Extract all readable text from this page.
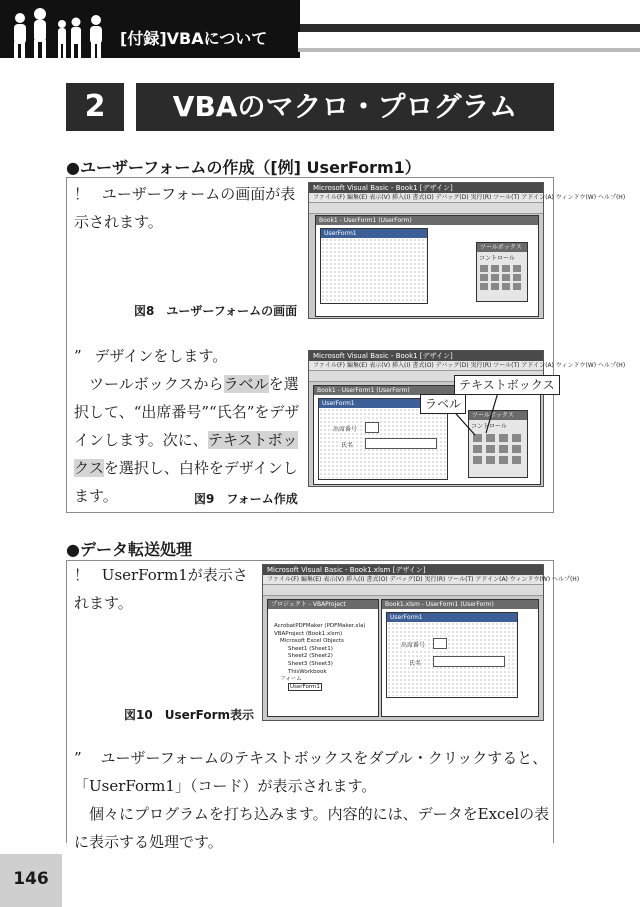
[付録]VBAについて
2	VBAのマクロ・プログラム
●ユーザーフォームの作成（[例] UserForm1）
！ ユーザーフォームの画面が表示されます。
Microsoft Visual Basic - Book1 [デザイン]
ファイル(F) 編集(E) 表示(V) 挿入(I) 書式(O) デバッグ(D) 実行(R) ツール(T) アドイン(A) ウィンドウ(W) ヘルプ(H)
Book1 - UserForm1 (UserForm)
UserForm1
ツールボックス
コントロール
図8　ユーザーフォームの画面
” デザインをします。
ツールボックスからラベルを選択して、“出席番号”“氏名”をデザインします。次に、テキストボックスを選択し、白枠をデザインします。
Microsoft Visual Basic - Book1 [デザイン]
ファイル(F) 編集(E) 表示(V) 挿入(I) 書式(O) デバッグ(D) 実行(R) ツール(T) アドイン(A) ウィンドウ(W) ヘルプ(H)
Book1 - UserForm1 (UserForm)
UserForm1
出席番号
氏名
ツールボックス
コントロール
テキストボックス
ラベル
図9　フォーム作成
●データ転送処理
！ UserForm1が表示されます。
Microsoft Visual Basic - Book1.xlsm [デザイン]
ファイル(F) 編集(E) 表示(V) 挿入(I) 書式(O) デバッグ(D) 実行(R) ツール(T) アドイン(A) ウィンドウ(W) ヘルプ(H)
プロジェクト - VBAProject
AcrobatPDFMaker (PDFMaker.xla)
VBAProject (Book1.xlsm)
Microsoft Excel Objects
Sheet1 (Sheet1)
Sheet2 (Sheet2)
Sheet3 (Sheet3)
ThisWorkbook
フォーム
UserForm1
Book1.xlsm - UserForm1 (UserForm)
UserForm1
出席番号
氏名
図10　UserForm表示
” ユーザーフォームのテキストボックスをダブル・クリックすると、「UserForm1」（コード）が表示されます。
個々にプログラムを打ち込みます。内容的には、データをExcelの表に表示する処理です。
146
